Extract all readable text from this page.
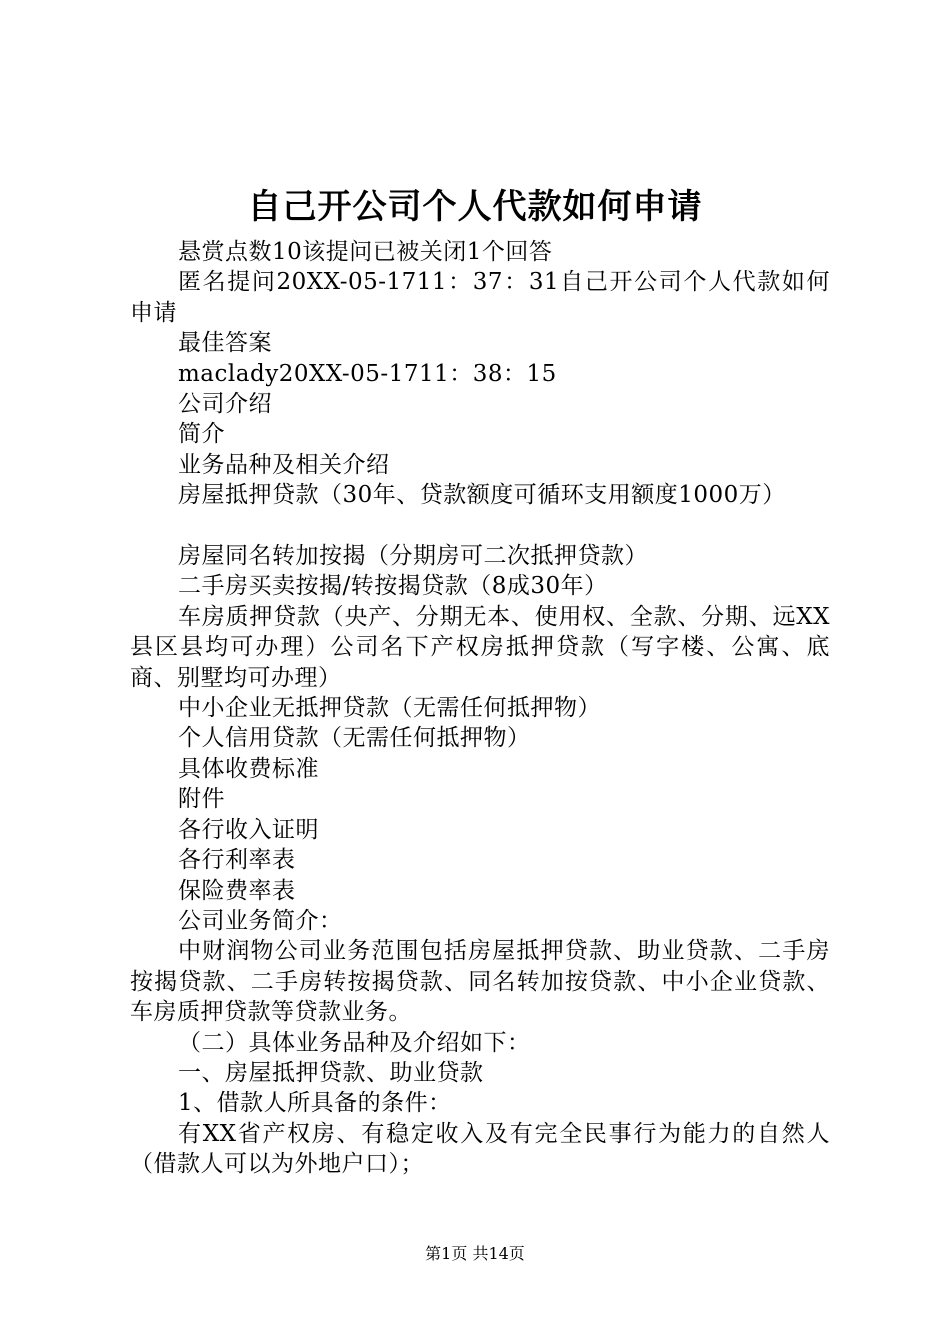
自己开公司个人代款如何申请

悬赏点数10该提问已被关闭1个回答

匿名提问20XX-05-1711：37：31自己开公司个人代款如何申请

最佳答案

maclady20XX-05-1711：38：15

公司介绍

简介

业务品种及相关介绍

房屋抵押贷款（30年、贷款额度可循环支用额度1000万）

房屋同名转加按揭（分期房可二次抵押贷款）

二手房买卖按揭/转按揭贷款（8成30年）

车房质押贷款（央产、分期无本、使用权、全款、分期、远XX县区县均可办理）公司名下产权房抵押贷款（写字楼、公寓、底商、别墅均可办理）

中小企业无抵押贷款（无需任何抵押物）

个人信用贷款（无需任何抵押物）

具体收费标准

附件

各行收入证明

各行利率表

保险费率表

公司业务简介：

中财润物公司业务范围包括房屋抵押贷款、助业贷款、二手房按揭贷款、二手房转按揭贷款、同名转加按贷款、中小企业贷款、车房质押贷款等贷款业务。

（二）具体业务品种及介绍如下：

一、房屋抵押贷款、助业贷款

1、借款人所具备的条件：

有XX省产权房、有稳定收入及有完全民事行为能力的自然人（借款人可以为外地户口）；

第1页 共14页
